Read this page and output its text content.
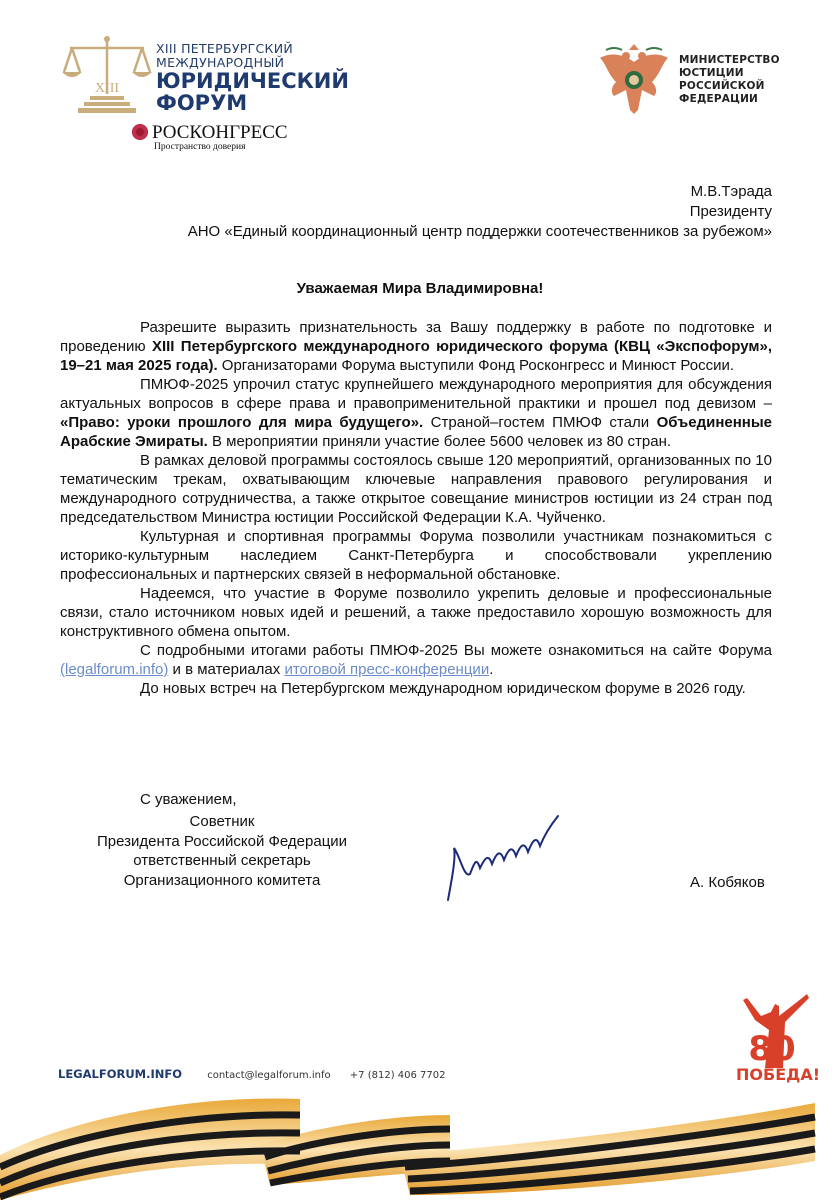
XIII
XIII ПЕТЕРБУРГСКИЙ
МЕЖДУНАРОДНЫЙ
ЮРИДИЧЕСКИЙ
ФОРУМ
РОСКОНГРЕСС
Пространство доверия
МИНИСТЕРСТВО
ЮСТИЦИИ
РОССИЙСКОЙ
ФЕДЕРАЦИИ
М.В.Тэрада
Президенту
АНО «Единый координационный центр поддержки соотечественников за рубежом»
Уважаемая Мира Владимировна!

Разрешите выразить признательность за Вашу поддержку в работе по подготовке и проведению XIII Петербургского международного юридического форума (КВЦ «Экспофорум», 19–21 мая 2025 года). Организаторами Форума выступили Фонд Росконгресс и Минюст России.

ПМЮФ-2025 упрочил статус крупнейшего международного мероприятия для обсуждения актуальных вопросов в сфере права и правоприменительной практики и прошел под девизом – «Право: уроки прошлого для мира будущего». Страной–гостем ПМЮФ стали Объединенные Арабские Эмираты. В мероприятии приняли участие более 5600 человек из 80 стран.

В рамках деловой программы состоялось свыше 120 мероприятий, организованных по 10 тематическим трекам, охватывающим ключевые направления правового регулирования и международного сотрудничества, а также открытое совещание министров юстиции из 24 стран под председательством Министра юстиции Российской Федерации К.А. Чуйченко.

Культурная и спортивная программы Форума позволили участникам познакомиться с историко-культурным наследием Санкт-Петербурга и способствовали укреплению профессиональных и партнерских связей в неформальной обстановке.

Надеемся, что участие в Форуме позволило укрепить деловые и профессиональные связи, стало источником новых идей и решений, а также предоставило хорошую возможность для конструктивного обмена опытом.

С подробными итогами работы ПМЮФ-2025 Вы можете ознакомиться на сайте Форума (legalforum.info) и в материалах итоговой пресс-конференции.

До новых встреч на Петербургском международном юридическом форуме в 2026 году.

С уважением,
Советник
Президента Российской Федерации
ответственный секретарь
Организационного комитета	А. Кобяков
80
ПОБЕДА!
LEGALFORUM.INFO	contact@legalforum.info +7 (812) 406 7702
